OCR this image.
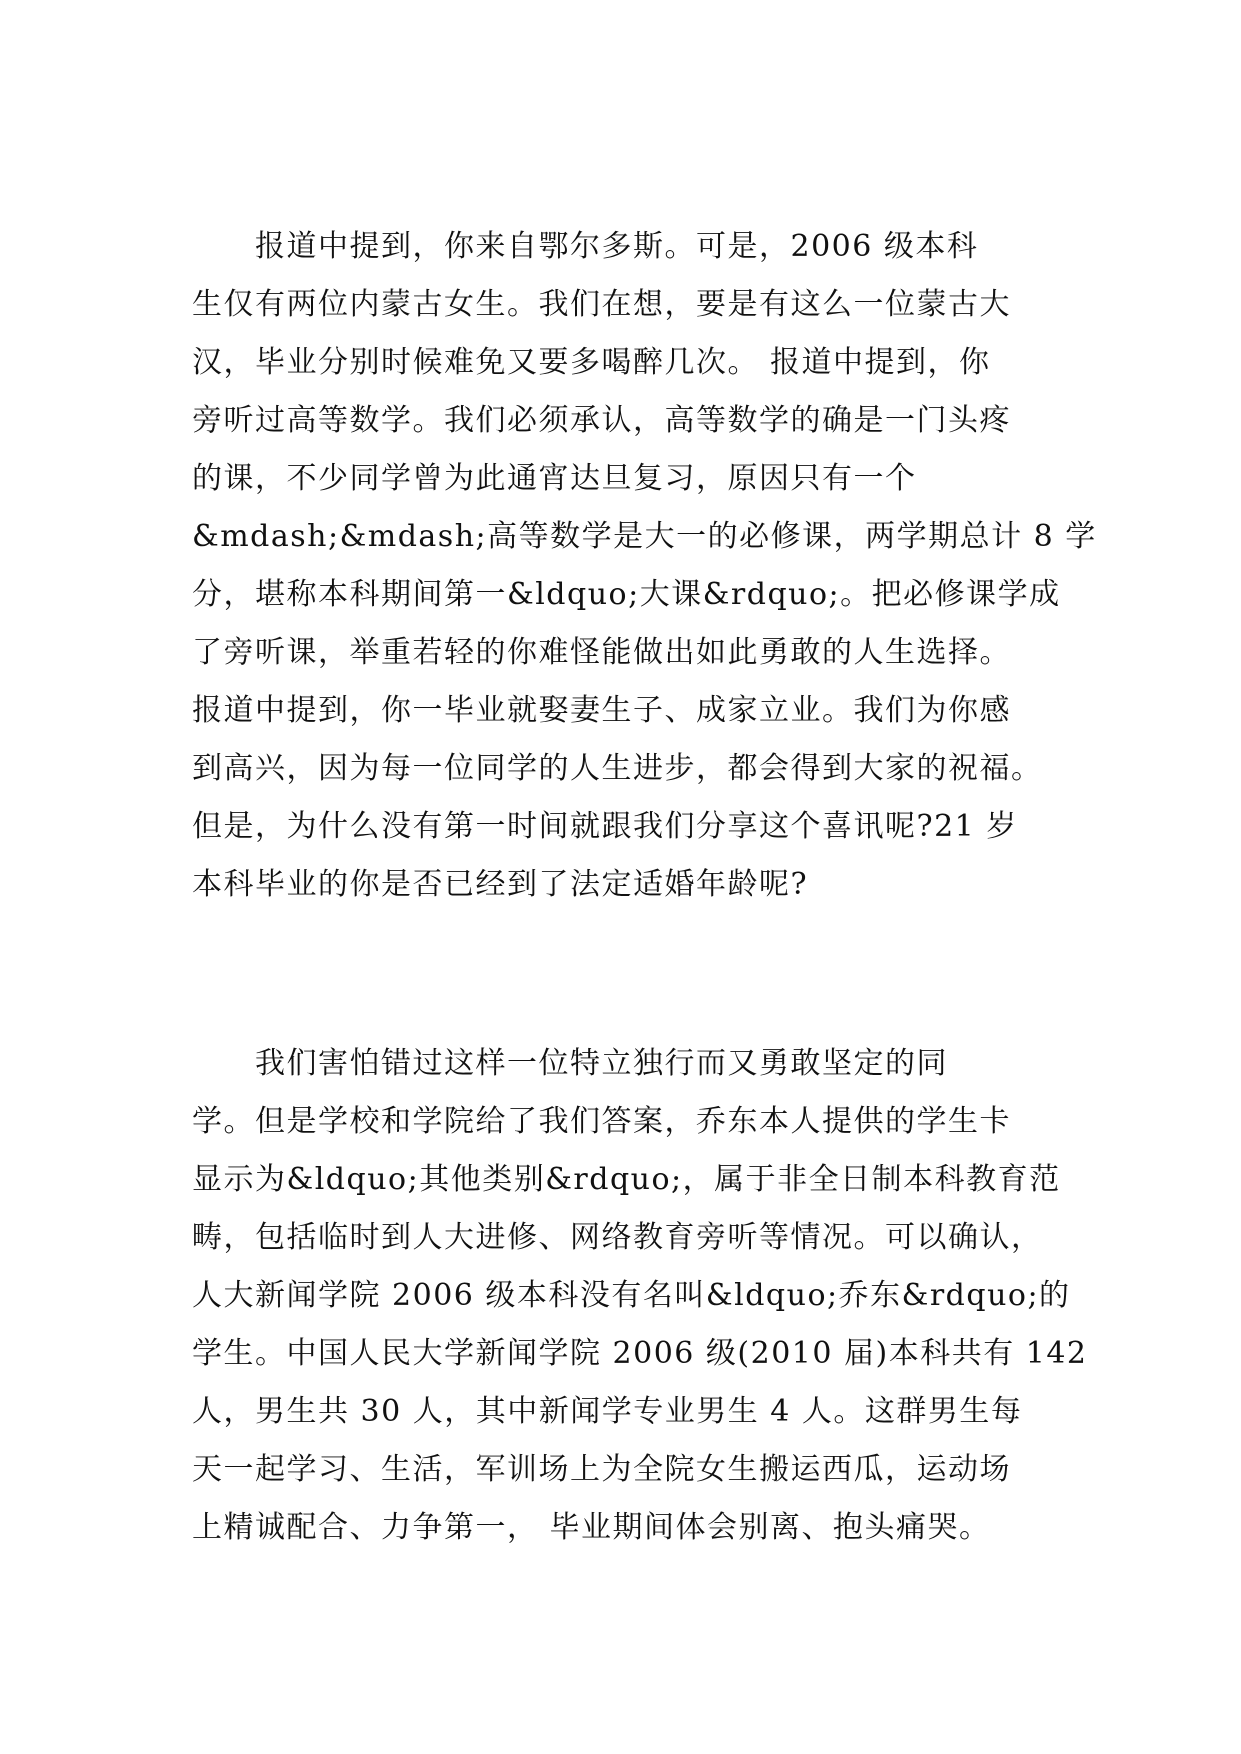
　　报道中提到，你来自鄂尔多斯。可是，2006 级本科
生仅有两位内蒙古女生。我们在想，要是有这么一位蒙古大
汉，毕业分别时候难免又要多喝醉几次。 报道中提到，你
旁听过高等数学。我们必须承认，高等数学的确是一门头疼
的课，不少同学曾为此通宵达旦复习，原因只有一个
&mdash;&mdash;高等数学是大一的必修课，两学期总计 8 学
分，堪称本科期间第一&ldquo;大课&rdquo;。把必修课学成
了旁听课，举重若轻的你难怪能做出如此勇敢的人生选择。
报道中提到，你一毕业就娶妻生子、成家立业。我们为你感
到高兴，因为每一位同学的人生进步，都会得到大家的祝福。
但是，为什么没有第一时间就跟我们分享这个喜讯呢?21 岁
本科毕业的你是否已经到了法定适婚年龄呢?
　　我们害怕错过这样一位特立独行而又勇敢坚定的同
学。但是学校和学院给了我们答案，乔东本人提供的学生卡
显示为&ldquo;其他类别&rdquo;，属于非全日制本科教育范
畴，包括临时到人大进修、网络教育旁听等情况。可以确认，
人大新闻学院 2006 级本科没有名叫&ldquo;乔东&rdquo;的
学生。中国人民大学新闻学院 2006 级(2010 届)本科共有 142
人，男生共 30 人，其中新闻学专业男生 4 人。这群男生每
天一起学习、生活，军训场上为全院女生搬运西瓜，运动场
上精诚配合、力争第一， 毕业期间体会别离、抱头痛哭。
